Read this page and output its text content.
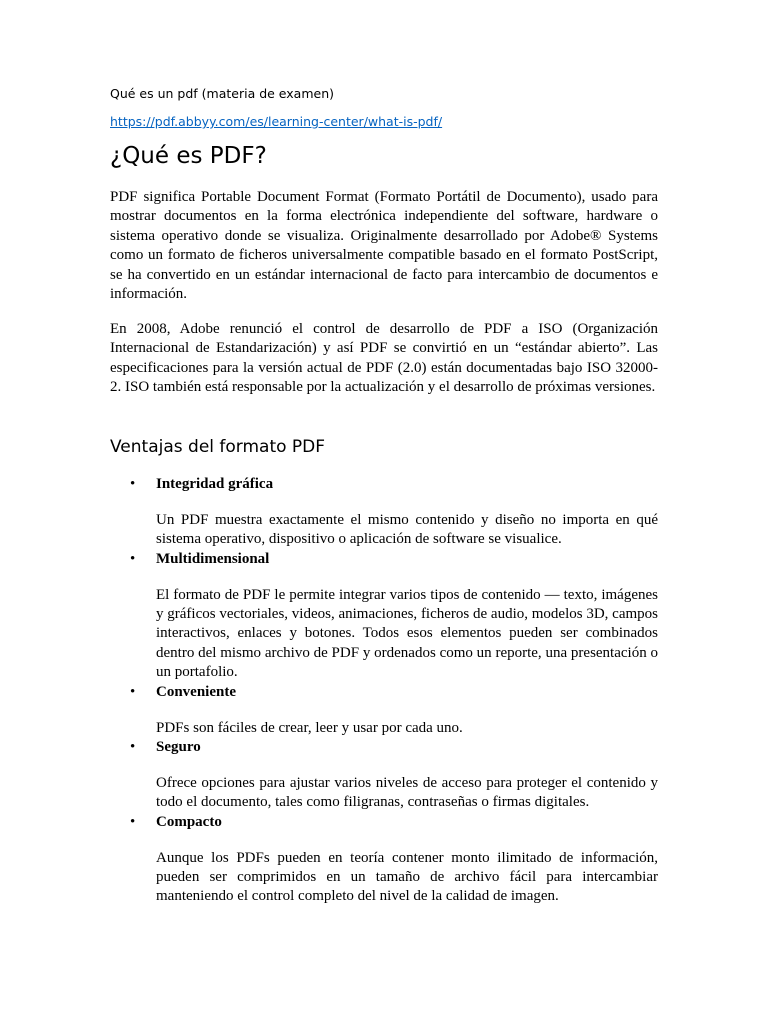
Qué es un pdf (materia de examen)
https://pdf.abbyy.com/es/learning-center/what-is-pdf/
¿Qué es PDF?

PDF significa Portable Document Format (Formato Portátil de Documento), usado para mostrar documentos en la forma electrónica independiente del software, hardware o sistema operativo donde se visualiza. Originalmente desarrollado por Adobe® Systems como un formato de ficheros universalmente compatible basado en el formato PostScript, se ha convertido en un estándar internacional de facto para intercambio de documentos e información.

En 2008, Adobe renunció el control de desarrollo de PDF a ISO (Organización Internacional de Estandarización) y así PDF se convirtió en un “estándar abierto”. Las especificaciones para la versión actual de PDF (2.0) están documentadas bajo ISO 32000-2. ISO también está responsable por la actualización y el desarrollo de próximas versiones.

Ventajas del formato PDF
• Integridad gráfica
Un PDF muestra exactamente el mismo contenido y diseño no importa en qué sistema operativo, dispositivo o aplicación de software se visualice.
• Multidimensional
El formato de PDF le permite integrar varios tipos de contenido — texto, imágenes y gráficos vectoriales, videos, animaciones, ficheros de audio, modelos 3D, campos interactivos, enlaces y botones. Todos esos elementos pueden ser combinados dentro del mismo archivo de PDF y ordenados como un reporte, una presentación o un portafolio.
• Conveniente
PDFs son fáciles de crear, leer y usar por cada uno.
• Seguro
Ofrece opciones para ajustar varios niveles de acceso para proteger el contenido y todo el documento, tales como filigranas, contraseñas o firmas digitales.
• Compacto
Aunque los PDFs pueden en teoría contener monto ilimitado de información, pueden ser comprimidos en un tamaño de archivo fácil para intercambiar manteniendo el control completo del nivel de la calidad de imagen.
